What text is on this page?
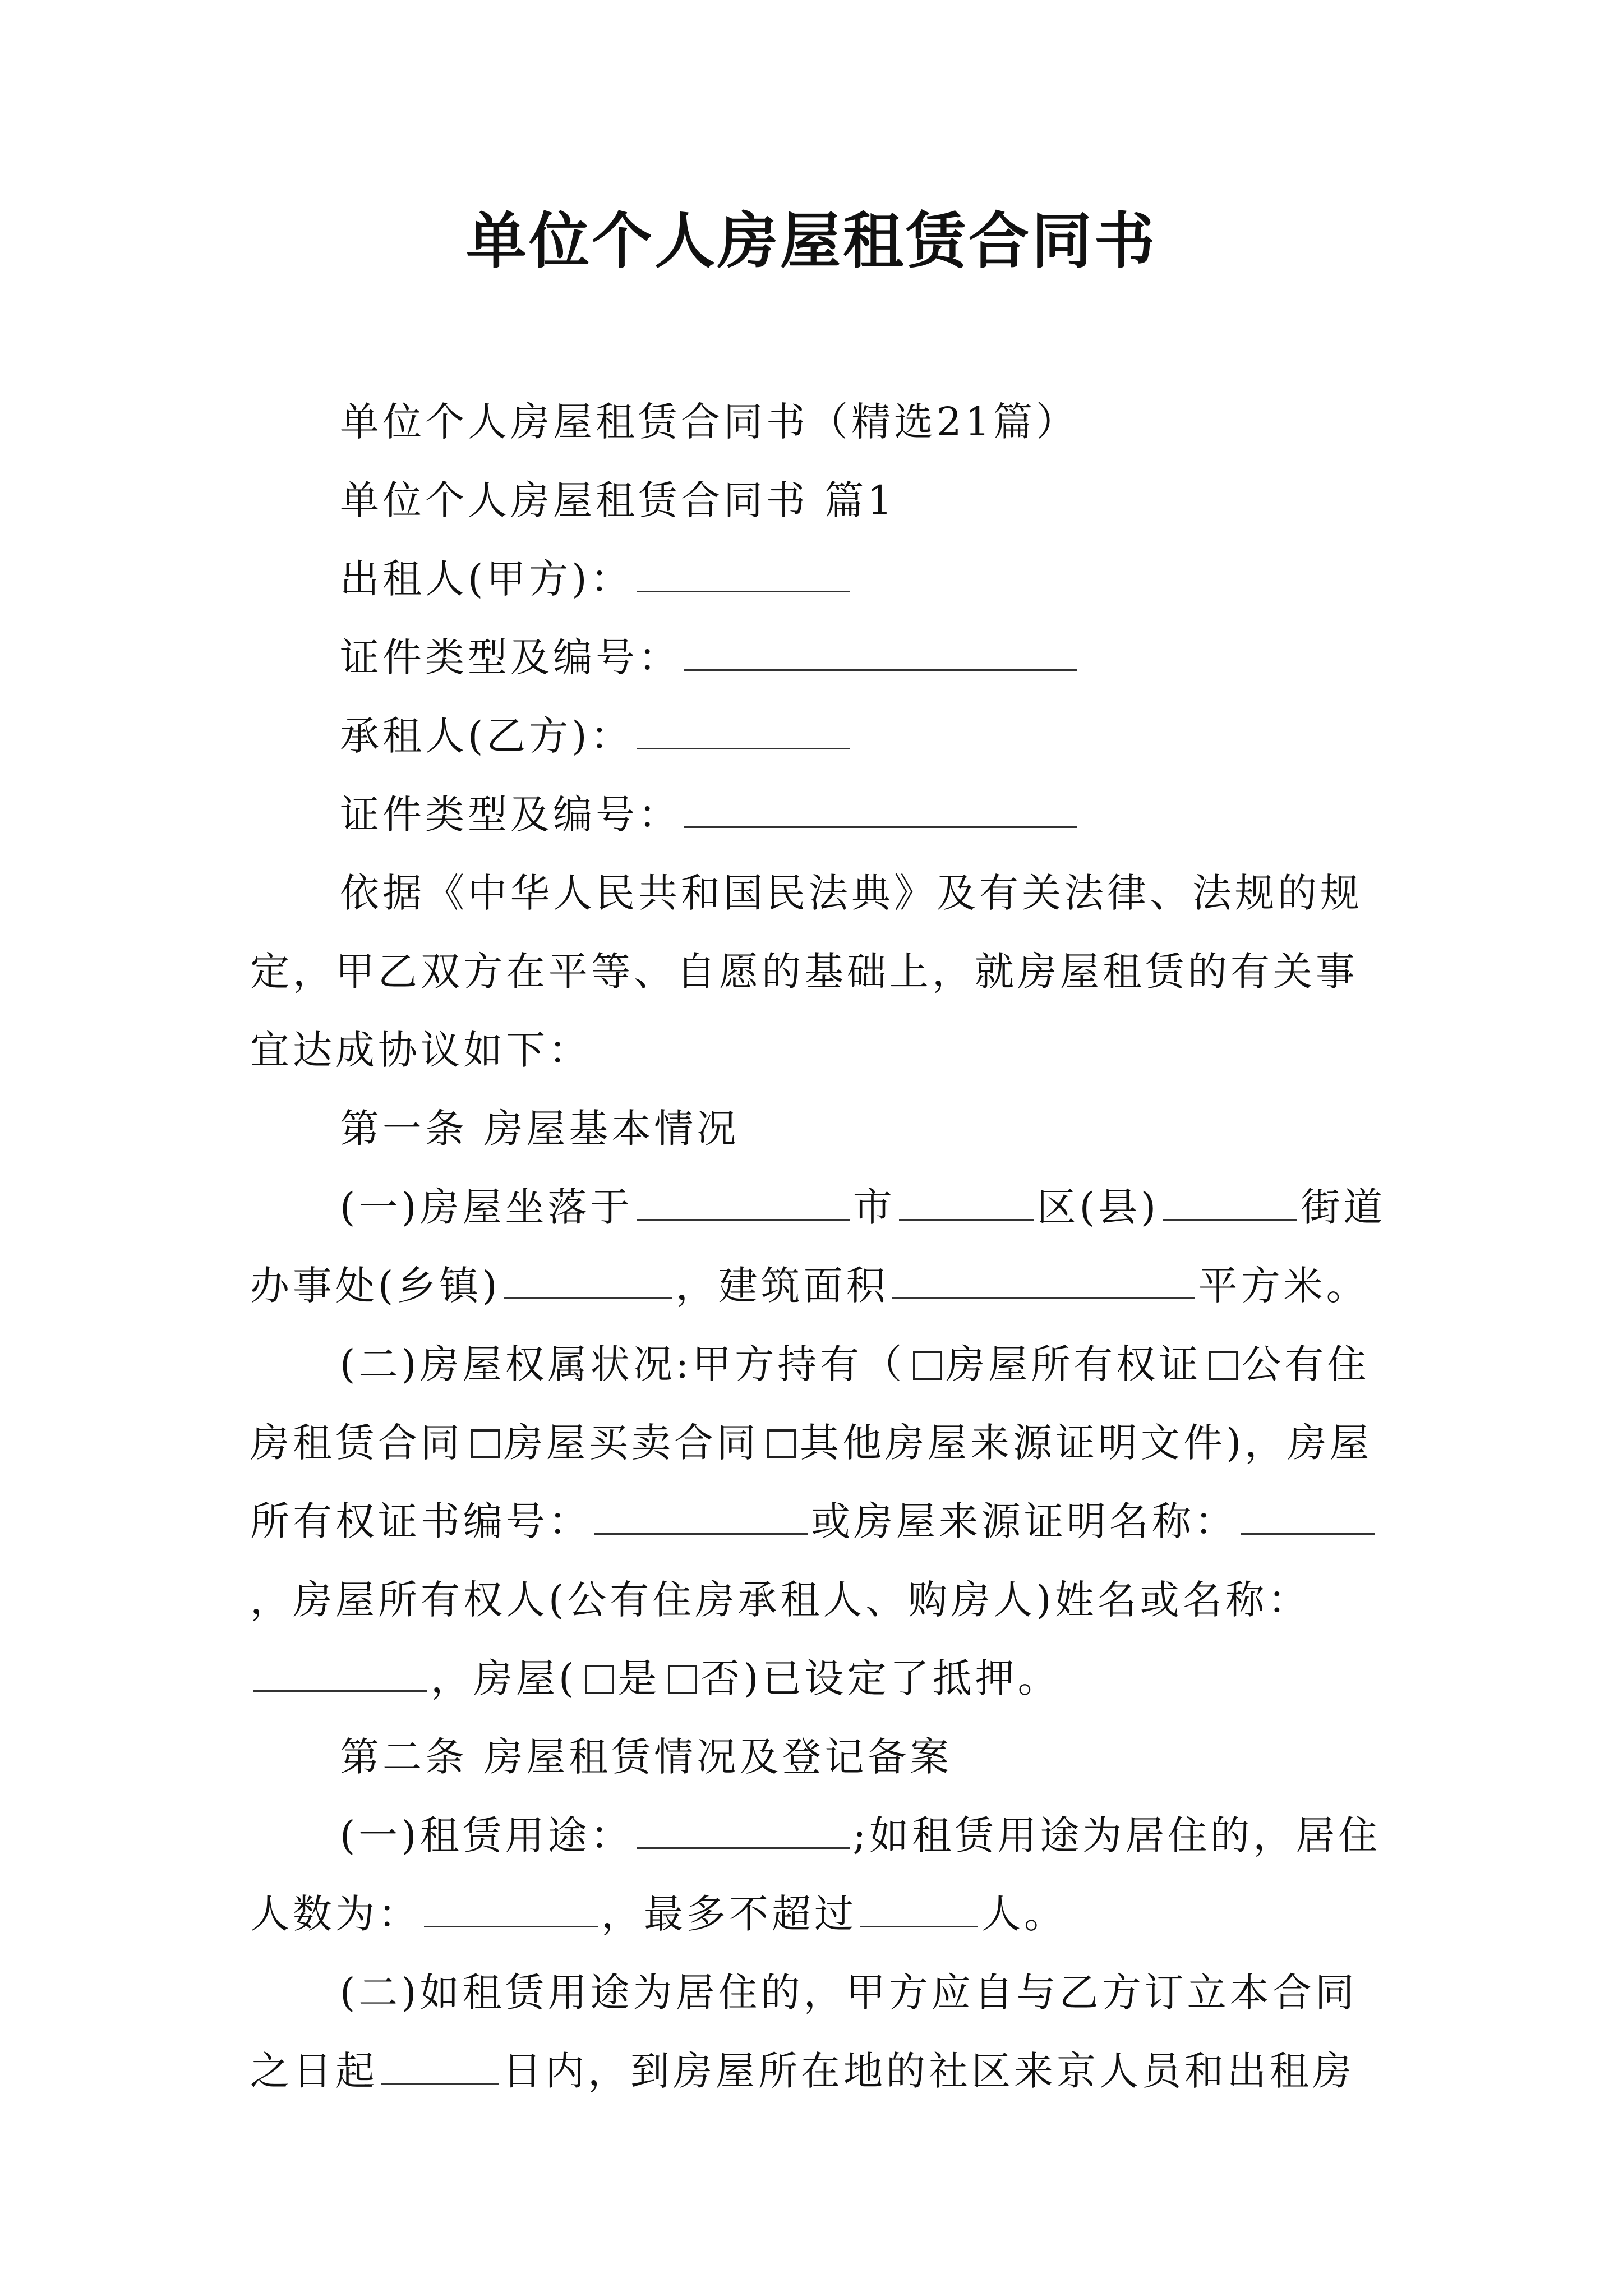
单位个人房屋租赁合同书

单位个人房屋租赁合同书（精选21篇）

单位个人房屋租赁合同书 篇1

出租人(甲方)：

证件类型及编号：

承租人(乙方)：

证件类型及编号：

依据《中华人民共和国民法典》及有关法律、法规的规定，甲乙双方在平等、自愿的基础上，就房屋租赁的有关事宜达成协议如下：

第一条 房屋基本情况

(一)房屋坐落于	市	区(县)	街道办事处(乡镇)	，建筑面积	平方米。

(二)房屋权属状况:甲方持有（ 房屋所有权证 公有住房租赁合同 房屋买卖合同 其他房屋来源证明文件)，房屋所有权证书编号：	或房屋来源证明名称：，房屋所有权人(公有住房承租人、购房人)姓名或名称：，房屋( 是 否)已设定了抵押。

第二条 房屋租赁情况及登记备案

(一)租赁用途：	;如租赁用途为居住的，居住人数为：	，最多不超过	人。

(二)如租赁用途为居住的，甲方应自与乙方订立本合同之日起	日内，到房屋所在地的社区来京人员和出租房
